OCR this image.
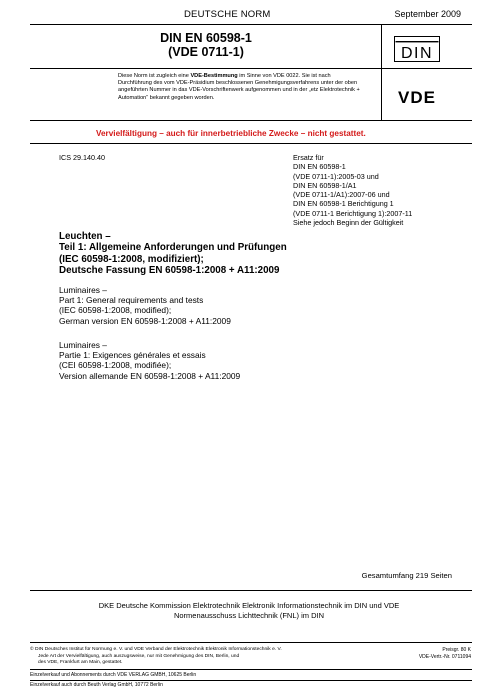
DEUTSCHE NORM	September 2009
DIN EN 60598-1
(VDE 0711-1)	DIN
Diese Norm ist zugleich eine VDE-Bestimmung im Sinne von VDE 0022. Sie ist nach Durchführung des vom VDE-Präsidium beschlossenen Genehmigungsverfahrens unter der oben angeführten Nummer in das VDE-Vorschriftenwerk aufgenommen und in der „etz Elektrotechnik + Automation“ bekannt gegeben worden.	VDE
Vervielfältigung – auch für innerbetriebliche Zwecke – nicht gestattet.
ICS 29.140.40	Ersatz für
DIN EN 60598-1
(VDE 0711-1):2005-03 und
DIN EN 60598-1/A1
(VDE 0711-1/A1):2007-06 und
DIN EN 60598-1 Berichtigung 1
(VDE 0711-1 Berichtigung 1):2007-11
Siehe jedoch Beginn der Gültigkeit
Leuchten –
Teil 1: Allgemeine Anforderungen und Prüfungen
(IEC 60598-1:2008, modifiziert);
Deutsche Fassung EN 60598-1:2008 + A11:2009
Luminaires –
Part 1: General requirements and tests
(IEC 60598-1:2008, modified);
German version EN 60598-1:2008 + A11:2009
Luminaires –
Partie 1: Exigences générales et essais
(CEI 60598-1:2008, modifiée);
Version allemande EN 60598-1:2008 + A11:2009
Gesamtumfang 219 Seiten
DKE Deutsche Kommission Elektrotechnik Elektronik Informationstechnik im DIN und VDE
Normenausschuss Lichttechnik (FNL) im DIN
© DIN Deutsches Institut für Normung e. V. und VDE Verband der Elektrotechnik Elektronik Informationstechnik e. V.
Jede Art der Vervielfältigung, auch auszugsweise, nur mit Genehmigung des DIN, Berlin, und
des VDE, Frankfurt am Main, gestattet.
Preisgr. 80 K
VDE-Vertr.-Nr. 0711094
Einzelverkauf und Abonnements durch VDE VERLAG GMBH, 10625 Berlin
Einzelverkauf auch durch Beuth Verlag GmbH, 10772 Berlin
